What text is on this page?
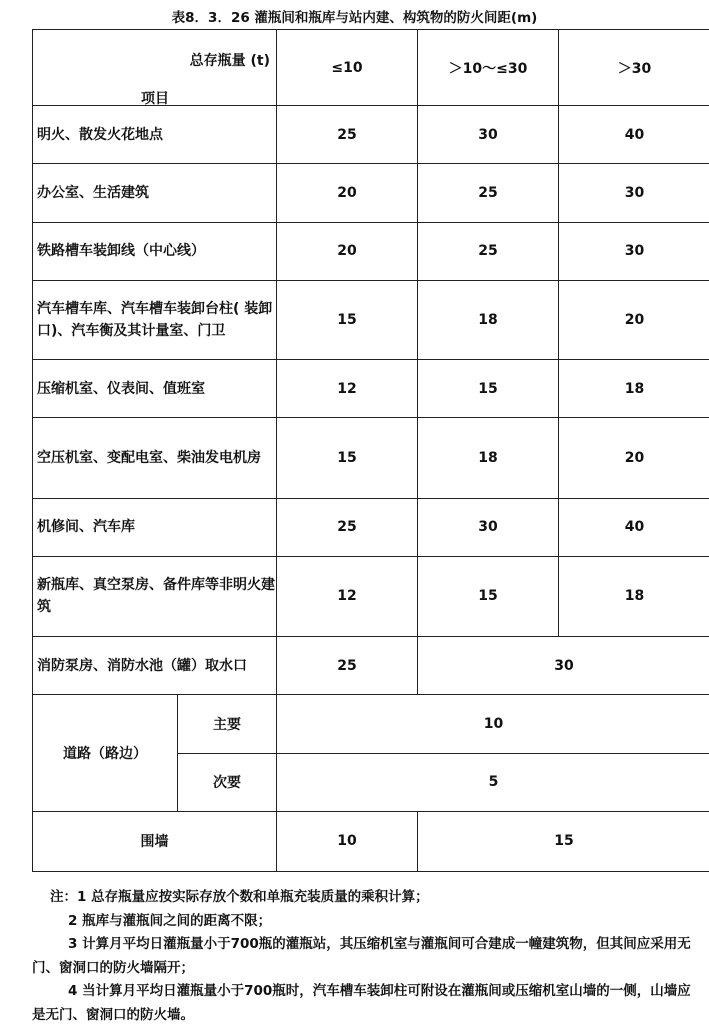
表8．3．26 灌瓶间和瓶库与站内建、构筑物的防火间距(m)
总存瓶量 (t)
项目		≤10	＞10～≤30	＞30
明火、散发火花地点		25	30	40
办公室、生活建筑		20	25	30
铁路槽车装卸线（中心线）		20	25	30
汽车槽车库、汽车槽车装卸台柱( 装卸口)、汽车衡及其计量室、门卫		15	18	20
压缩机室、仪表间、值班室		12	15	18
空压机室、变配电室、柴油发电机房		15	18	20
机修间、汽车库		25	30	40
新瓶库、真空泵房、备件库等非明火建筑		12	15	18
消防泵房、消防水池（罐）取水口		25	30	
道路（路边）	主要	10		
	次要	5		
围墙		10	15	
注：1 总存瓶量应按实际存放个数和单瓶充装质量的乘积计算；
2 瓶库与灌瓶间之间的距离不限；
3 计算月平均日灌瓶量小于700瓶的灌瓶站，其压缩机室与灌瓶间可合建成一幢建筑物，但其间应采用无门、窗洞口的防火墙隔开；
4 当计算月平均日灌瓶量小于700瓶时，汽车槽车装卸柱可附设在灌瓶间或压缩机室山墙的一侧，山墙应是无门、窗洞口的防火墙。
